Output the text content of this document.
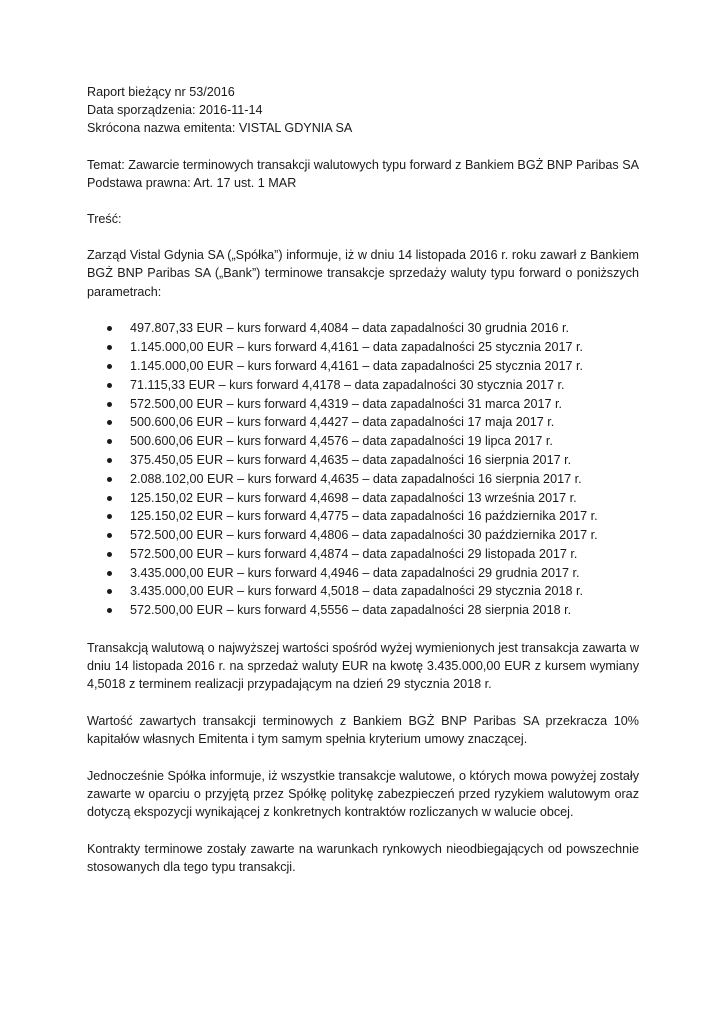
Raport bieżący nr 53/2016
Data sporządzenia: 2016-11-14
Skrócona nazwa emitenta: VISTAL GDYNIA SA
Temat: Zawarcie terminowych transakcji walutowych typu forward z Bankiem BGŻ BNP Paribas SA
Podstawa prawna: Art. 17 ust. 1 MAR
Treść:

Zarząd Vistal Gdynia SA („Spółka”) informuje, iż w dniu 14 listopada 2016 r. roku zawarł z Bankiem BGŻ BNP Paribas SA („Bank”) terminowe transakcje sprzedaży waluty typu forward o poniższych parametrach:

497.807,33 EUR – kurs forward 4,4084 – data zapadalności 30 grudnia 2016 r.
1.145.000,00 EUR – kurs forward 4,4161 – data zapadalności 25 stycznia 2017 r.
1.145.000,00 EUR – kurs forward 4,4161 – data zapadalności 25 stycznia 2017 r.
71.115,33 EUR – kurs forward 4,4178 – data zapadalności 30 stycznia 2017 r.
572.500,00 EUR – kurs forward 4,4319 – data zapadalności 31 marca 2017 r.
500.600,06 EUR – kurs forward 4,4427 – data zapadalności 17 maja 2017 r.
500.600,06 EUR – kurs forward 4,4576 – data zapadalności 19 lipca 2017 r.
375.450,05 EUR – kurs forward 4,4635 – data zapadalności 16 sierpnia 2017 r.
2.088.102,00 EUR – kurs forward 4,4635 – data zapadalności 16 sierpnia 2017 r.
125.150,02 EUR – kurs forward 4,4698 – data zapadalności 13 września 2017 r.
125.150,02 EUR – kurs forward 4,4775 – data zapadalności 16 października 2017 r.
572.500,00 EUR – kurs forward 4,4806 – data zapadalności 30 października 2017 r.
572.500,00 EUR – kurs forward 4,4874 – data zapadalności 29 listopada 2017 r.
3.435.000,00 EUR – kurs forward 4,4946 – data zapadalności 29 grudnia 2017 r.
3.435.000,00 EUR – kurs forward 4,5018 – data zapadalności 29 stycznia 2018 r.
572.500,00 EUR – kurs forward 4,5556 – data zapadalności 28 sierpnia 2018 r.

Transakcją walutową o najwyższej wartości spośród wyżej wymienionych jest transakcja zawarta w dniu 14 listopada 2016 r. na sprzedaż waluty EUR na kwotę 3.435.000,00 EUR z kursem wymiany 4,5018 z terminem realizacji przypadającym na dzień 29 stycznia 2018 r.

Wartość zawartych transakcji terminowych z Bankiem BGŻ BNP Paribas SA przekracza 10% kapitałów własnych Emitenta i tym samym spełnia kryterium umowy znaczącej.

Jednocześnie Spółka informuje, iż wszystkie transakcje walutowe, o których mowa powyżej zostały zawarte w oparciu o przyjętą przez Spółkę politykę zabezpieczeń przed ryzykiem walutowym oraz dotyczą ekspozycji wynikającej z konkretnych kontraktów rozliczanych w walucie obcej.

Kontrakty terminowe zostały zawarte na warunkach rynkowych nieodbiegających od powszechnie stosowanych dla tego typu transakcji.
